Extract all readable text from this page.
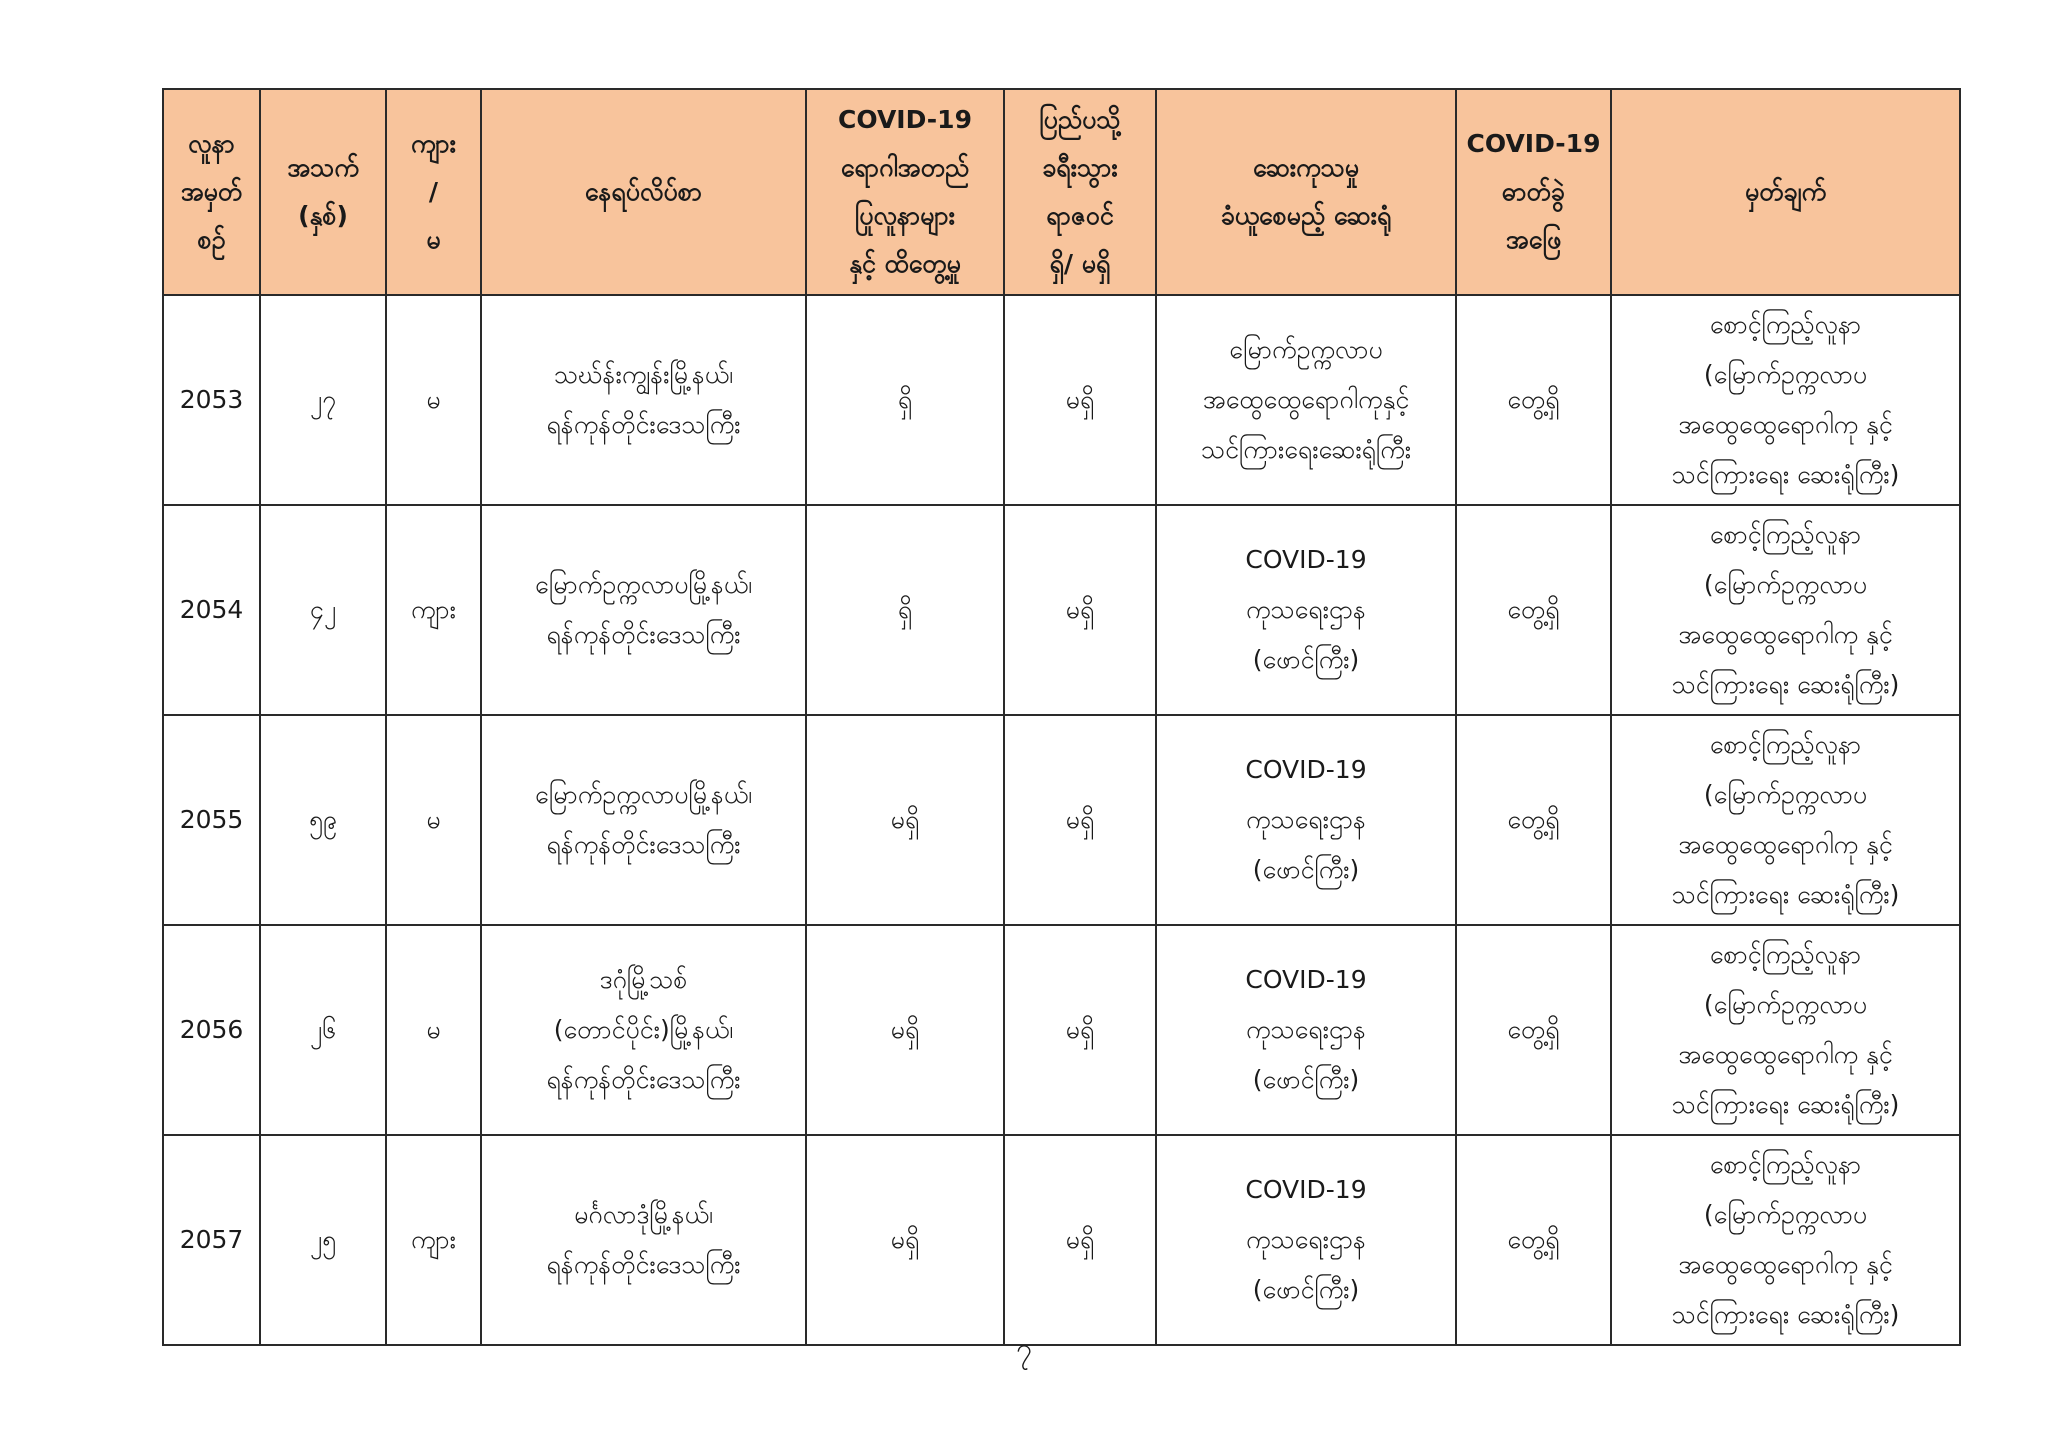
လူနာ
အမှတ်
စဉ်	အသက်
(နှစ်)	ကျား
/
မ	နေရပ်လိပ်စာ	COVID-19
ရောဂါအတည်
ပြုလူနာများ
နှင့် ထိတွေ့မှု	ပြည်ပသို့
ခရီးသွား
ရာဇဝင်
ရှိ/ မရှိ	ဆေးကုသမှု
ခံယူစေမည့် ဆေးရုံ	COVID-19
ဓာတ်ခွဲ
အဖြေ	မှတ်ချက်
2053	၂၇	မ	သဃ်န်းကျွန်းမြို့နယ်၊
ရန်ကုန်တိုင်းဒေသကြီး	ရှိ	မရှိ	မြောက်ဥက္ကလာပ
အထွေထွေရောဂါကုနှင့်
သင်ကြားရေးဆေးရုံကြီး	တွေ့ရှိ	စောင့်ကြည့်လူနာ
(မြောက်ဥက္ကလာပ
အထွေထွေရောဂါကု နှင့်
သင်ကြားရေး ဆေးရုံကြီး)
2054	၄၂	ကျား	မြောက်ဥက္ကလာပမြို့နယ်၊
ရန်ကုန်တိုင်းဒေသကြီး	ရှိ	မရှိ	COVID-19
ကုသရေးဌာန
(ဖောင်ကြီး)	တွေ့ရှိ	စောင့်ကြည့်လူနာ
(မြောက်ဥက္ကလာပ
အထွေထွေရောဂါကု နှင့်
သင်ကြားရေး ဆေးရုံကြီး)
2055	၅၉	မ	မြောက်ဥက္ကလာပမြို့နယ်၊
ရန်ကုန်တိုင်းဒေသကြီး	မရှိ	မရှိ	COVID-19
ကုသရေးဌာန
(ဖောင်ကြီး)	တွေ့ရှိ	စောင့်ကြည့်လူနာ
(မြောက်ဥက္ကလာပ
အထွေထွေရောဂါကု နှင့်
သင်ကြားရေး ဆေးရုံကြီး)
2056	၂၆	မ	ဒဂုံမြို့သစ်
(တောင်ပိုင်း)မြို့နယ်၊
ရန်ကုန်တိုင်းဒေသကြီး	မရှိ	မရှိ	COVID-19
ကုသရေးဌာန
(ဖောင်ကြီး)	တွေ့ရှိ	စောင့်ကြည့်လူနာ
(မြောက်ဥက္ကလာပ
အထွေထွေရောဂါကု နှင့်
သင်ကြားရေး ဆေးရုံကြီး)
2057	၂၅	ကျား	မင်္ဂလာဒုံမြို့နယ်၊
ရန်ကုန်တိုင်းဒေသကြီး	မရှိ	မရှိ	COVID-19
ကုသရေးဌာန
(ဖောင်ကြီး)	တွေ့ရှိ	စောင့်ကြည့်လူနာ
(မြောက်ဥက္ကလာပ
အထွေထွေရောဂါကု နှင့်
သင်ကြားရေး ဆေးရုံကြီး)
၇
